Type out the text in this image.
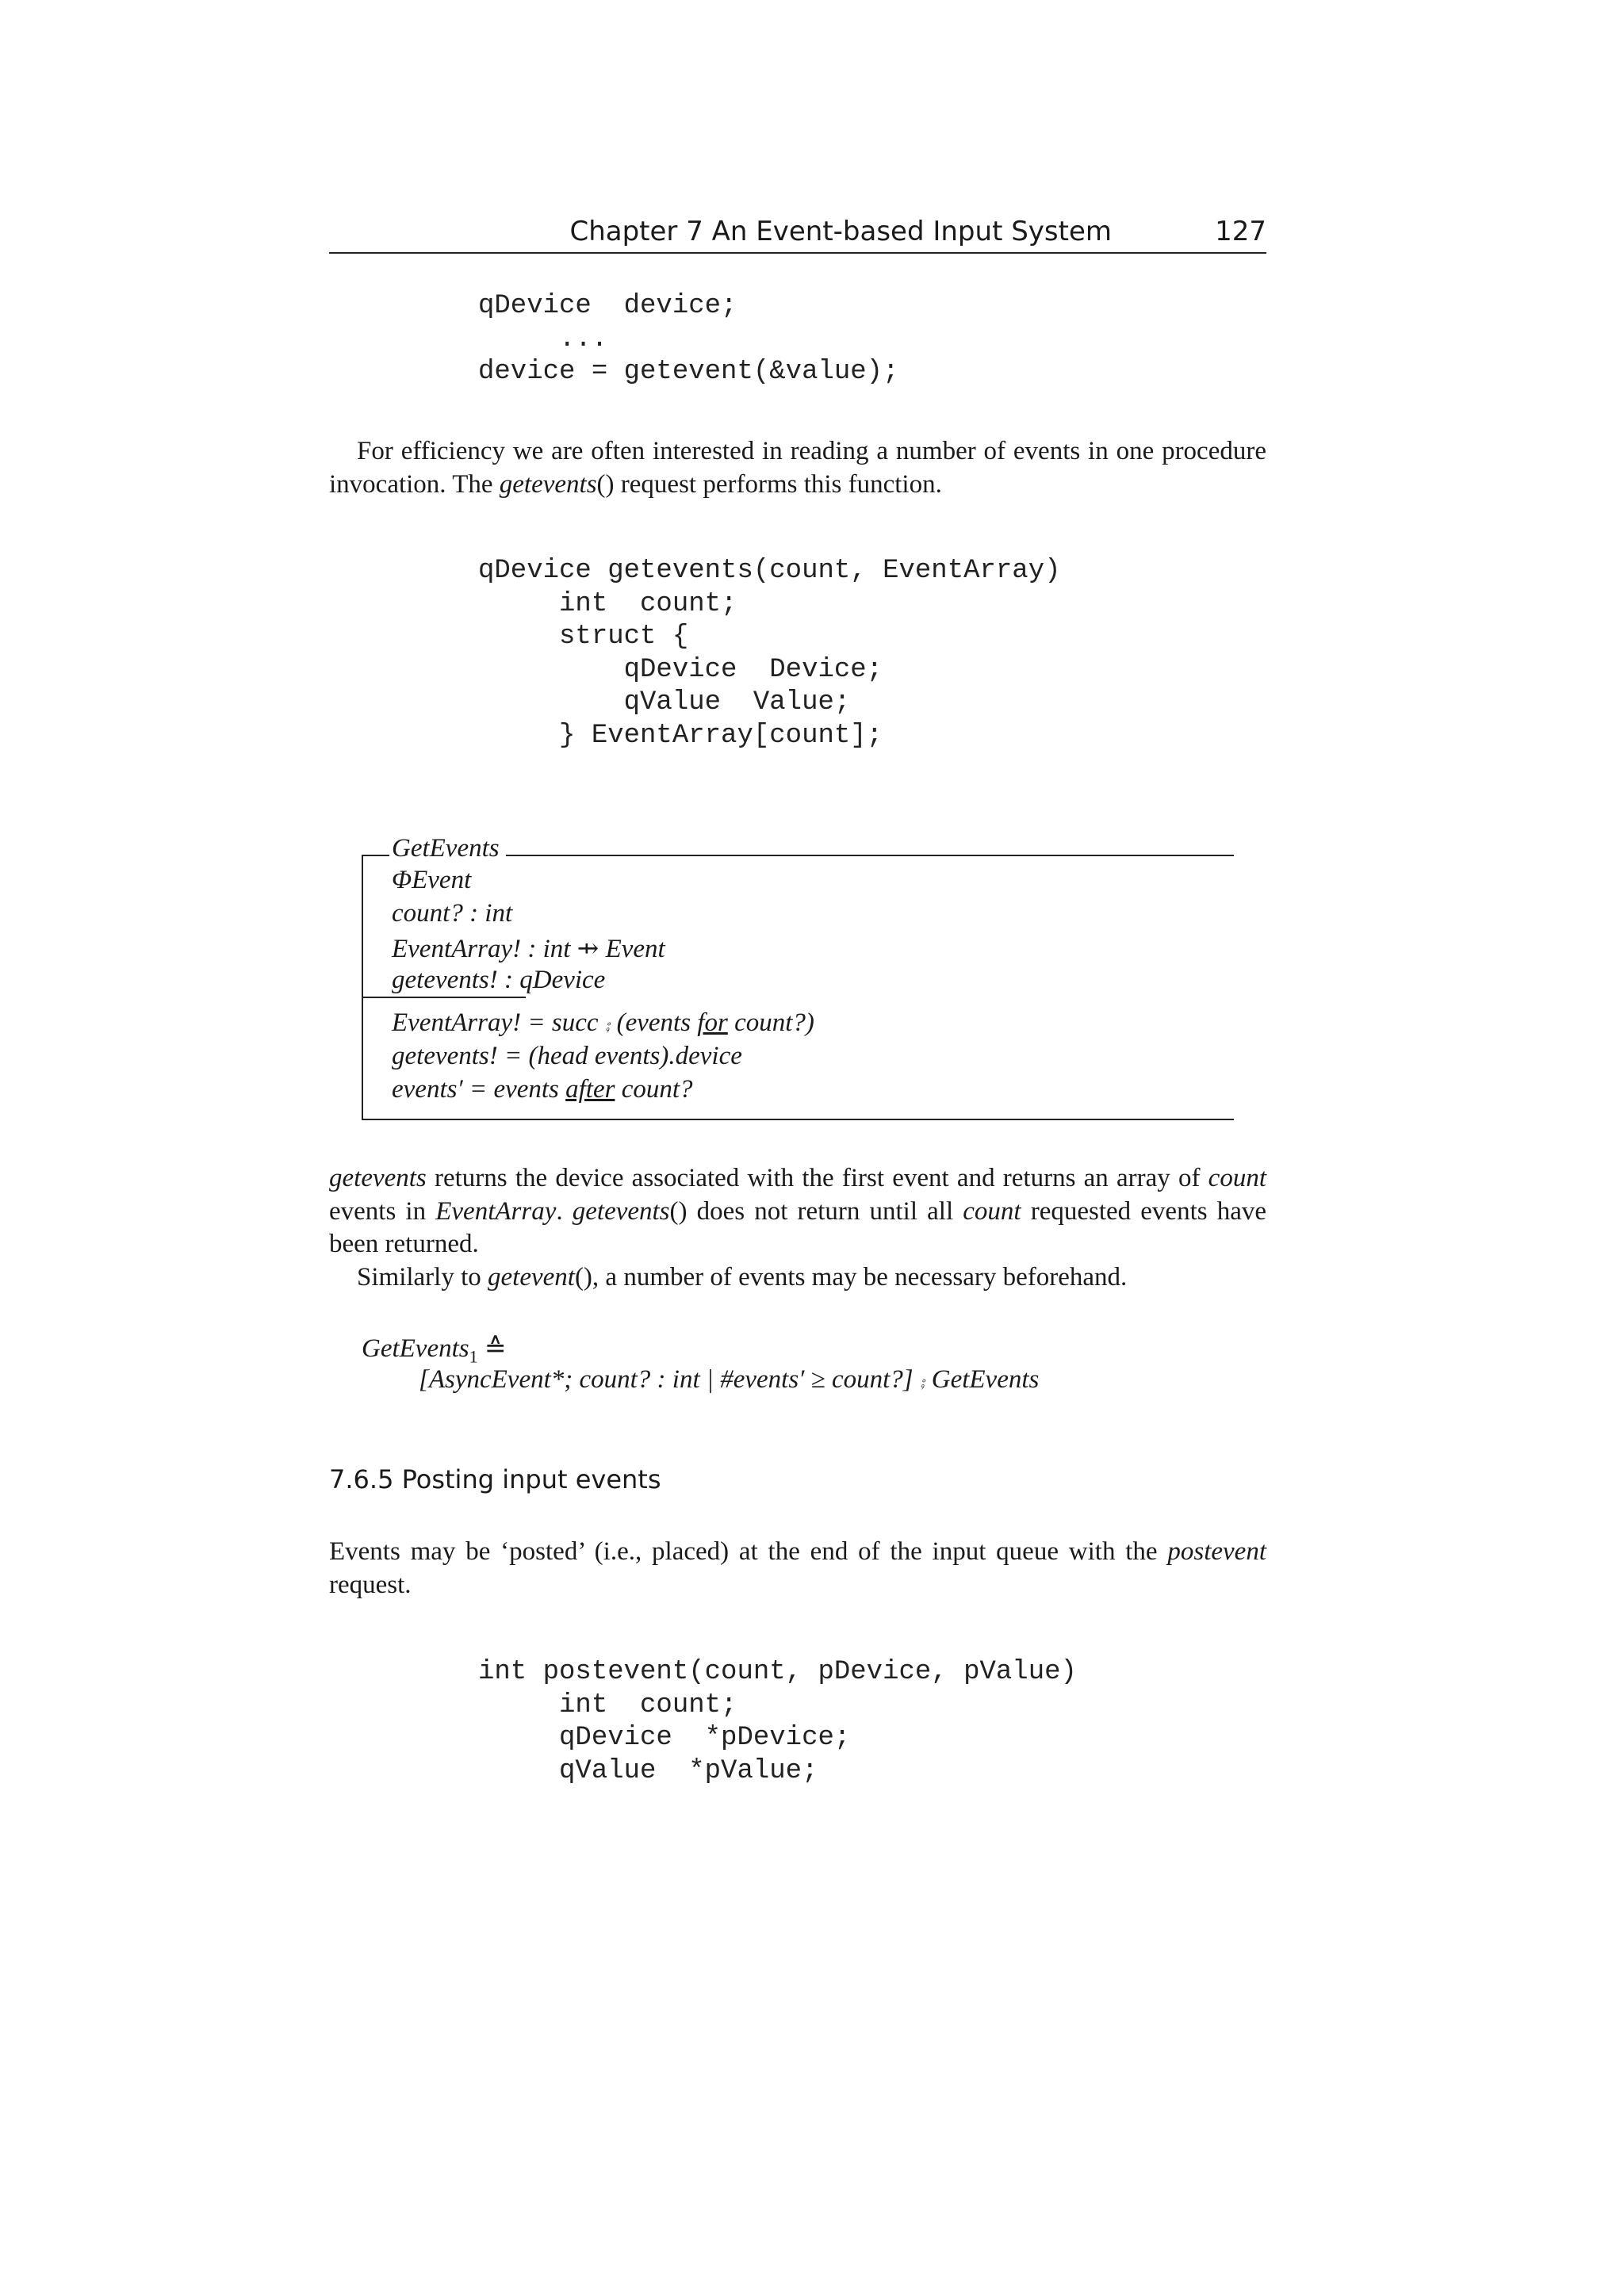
Chapter 7 An Event-based Input System	127
qDevice  device;
...
device = getevent(&value);

For efficiency we are often interested in reading a number of events in one procedure invocation. The getevents() request performs this function.

qDevice getevents(count, EventArray)
int  count;
struct {
qDevice  Device;
qValue  Value;
} EventArray[count];
GetEvents
ΦEvent
count? : int
EventArray! : int ⇸ Event
getevents! : qDevice
EventArray! = succ ⨾ (events for count?)
getevents! = (head events).device
events′ = events after count?

getevents returns the device associated with the first event and returns an array of count events in EventArray. getevents() does not return until all count requested events have been returned.

Similarly to getevent(), a number of events may be necessary beforehand.

GetEvents$_1$ ≙
[AsyncEvent*; count? : int | #events′ ≥ count?] ⨾ GetEvents
7.6.5 Posting input events

Events may be ‘posted’ (i.e., placed) at the end of the input queue with the postevent request.

int postevent(count, pDevice, pValue)
int  count;
qDevice  *pDevice;
qValue  *pValue;
